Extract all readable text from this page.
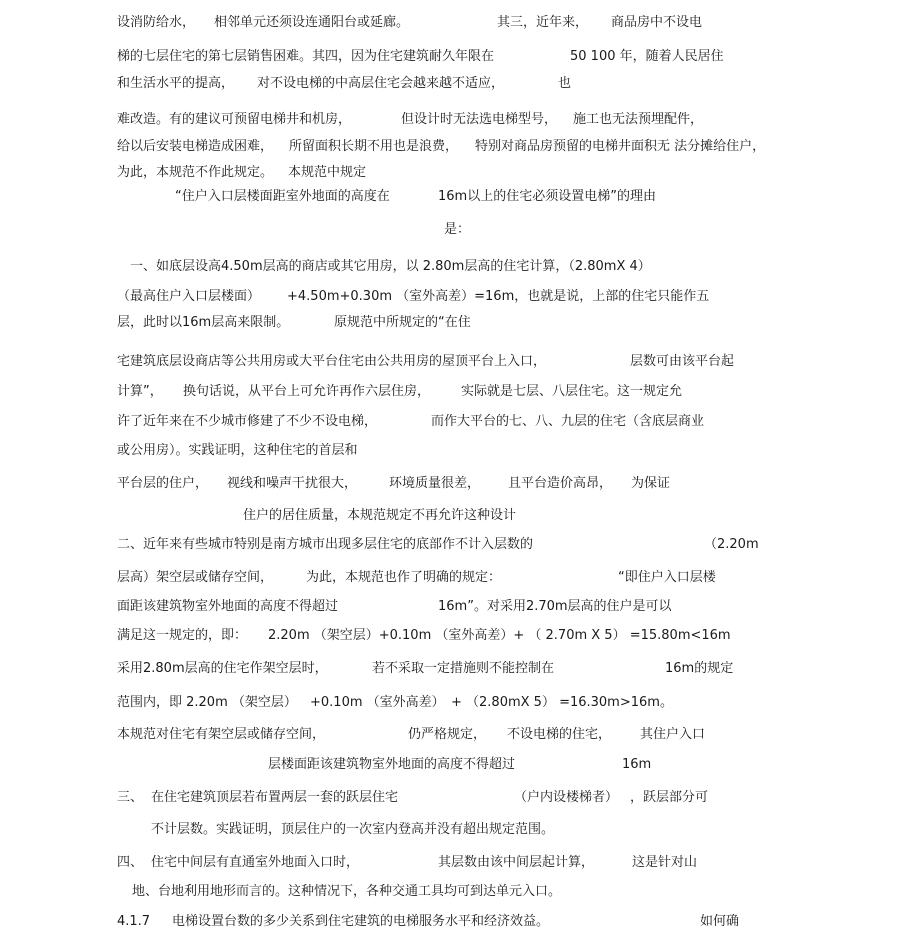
设消防给水， 相邻单元还须设连通阳台或延廊。	其三，近年来， 商品房中不设电
梯的七层住宅的第七层销售困难。其四，因为住宅建筑耐久年限在	50 100 年，随着人民居住
和生活水平的提高， 对不设电梯的中高层住宅会越来越不适应，	也
难改造。有的建议可预留电梯井和机房，	但设计时无法选电梯型号， 施工也无法预埋配件，
给以后安装电梯造成困难， 所留面积长期不用也是浪费， 特别对商品房预留的电梯井面积无 法分摊给住户，
为此，本规范不作此规定。 本规范中规定
“住户入口层楼面距室外地面的高度在	16m以上的住宅必须设置电梯”的理由
是：
一、如底层设高4.50m层高的商店或其它用房，以 2.80m层高的住宅计算，（2.80mX 4）
（最高住户入口层楼面） +4.50m+0.30m （室外高差）=16m，也就是说，上部的住宅只能作五
层，此时以16m层高来限制。	原规范中所规定的“在住
宅建筑底层设商店等公共用房或大平台住宅由公共用房的屋顶平台上入口，	层数可由该平台起
计算”， 换句话说，从平台上可允许再作六层住房， 实际就是七层、八层住宅。这一规定允
许了近年来在不少城市修建了不少不设电梯，	而作大平台的七、八、九层的住宅（含底层商业
或公用房）。实践证明，这种住宅的首层和
平台层的住户， 视线和噪声干扰很大， 环境质量很差， 且平台造价高昂， 为保证
住户的居住质量，本规范规定不再允许这种设计
二、近年来有些城市特别是南方城市出现多层住宅的底部作不计入层数的	（2.20m
层高）架空层或储存空间，	为此，本规范也作了明确的规定：	“即住户入口层楼
面距该建筑物室外地面的高度不得超过	16m”。对采用2.70m层高的住户是可以
满足这一规定的，即： 2.20m （架空层）+0.10m （室外高差）+ （ 2.70m X 5） =15.80m<16m
采用2.80m层高的住宅作架空层时，	若不采取一定措施则不能控制在	16m的规定
范围内，即 2.20m （架空层） +0.10m （室外高差） + （2.80mX 5） =16.30m>16m。
本规范对住宅有架空层或储存空间，	仍严格规定， 不设电梯的住宅， 其住户入口
层楼面距该建筑物室外地面的高度不得超过	16m
三、 在住宅建筑顶层若布置两层一套的跃层住宅	（户内设楼梯者） ，跃层部分可
不计层数。实践证明，顶层住户的一次室内登高并没有超出规定范围。
四、 住宅中间层有直通室外地面入口时，	其层数由该中间层起计算，	这是针对山
地、台地利用地形而言的。这种情况下，各种交通工具均可到达单元入口。
4.1.7 电梯设置台数的多少关系到住宅建筑的电梯服务水平和经济效益。	如何确
